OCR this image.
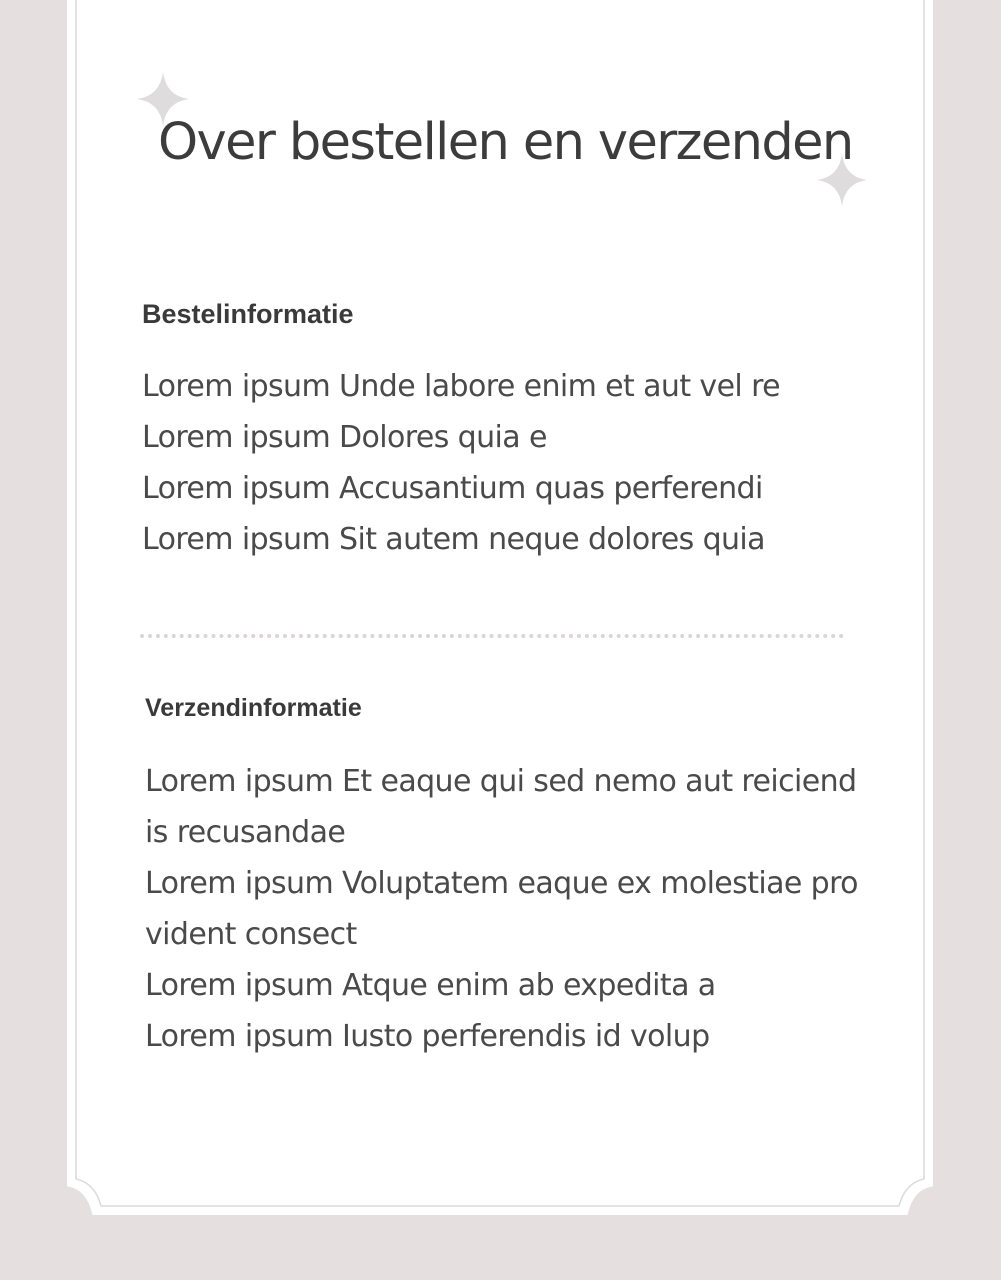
Over bestellen en verzenden
Bestelinformatie
Lorem ipsum Unde labore enim et aut vel re
Lorem ipsum Dolores quia e
Lorem ipsum Accusantium quas perferendi
Lorem ipsum Sit autem neque dolores quia
Verzendinformatie
Lorem ipsum Et eaque qui sed nemo aut reiciend
is recusandae
Lorem ipsum Voluptatem eaque ex molestiae pro
vident consect
Lorem ipsum Atque enim ab expedita a
Lorem ipsum Iusto perferendis id volup
